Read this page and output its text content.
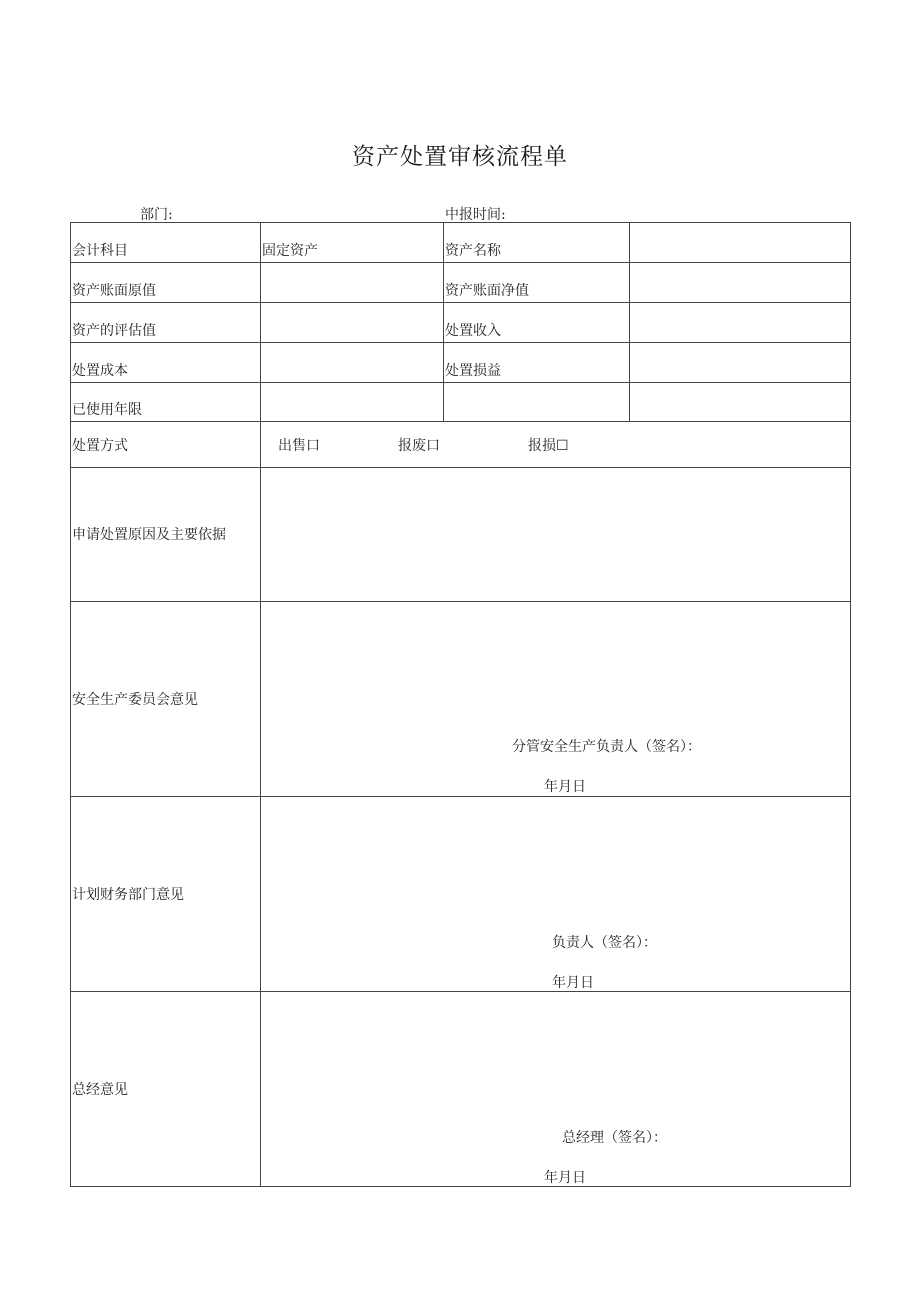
资产处置审核流程单
部门:	中报时间:
会计科目	固定资产	资产名称	

资产账面原值		资产账面净值	

资产的评估值		处置收入	

处置成本		处置损益	

已使用年限			

处置方式	出售口 报废口 报损☐		

申请处置原因及主要依据			
安全生产委员会意见	分管安全生产负责人（签名）：
年月日		

计划财务部门意见	负责人（签名）：
年月日		

总经意见	总经理（签名）：
年月日		
